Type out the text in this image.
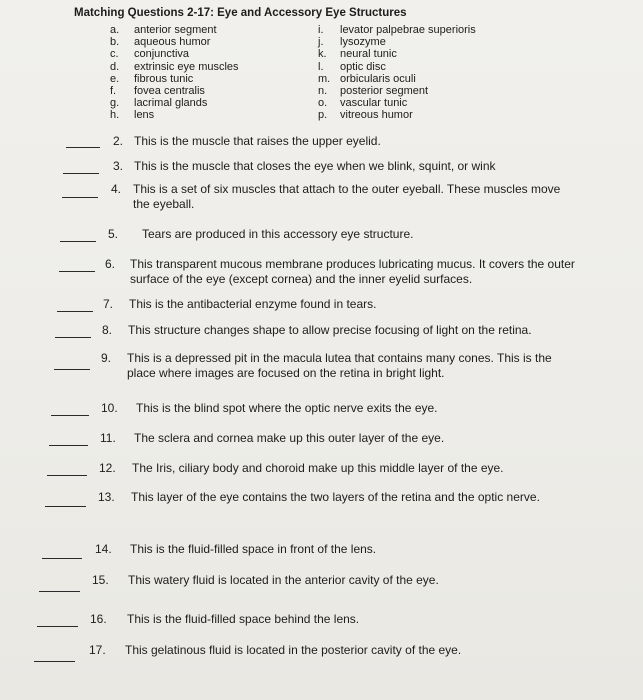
Matching Questions 2-17: Eye and Accessory Eye Structures
a. anterior segment
b. aqueous humor
c. conjunctiva
d. extrinsic eye muscles
e. fibrous tunic
f. fovea centralis
g. lacrimal glands
h. lens
i. levator palpebrae superioris
j. lysozyme
k. neural tunic
l. optic disc
m. orbicularis oculi
n. posterior segment
o. vascular tunic
p. vitreous humor
2. This is the muscle that raises the upper eyelid.
3. This is the muscle that closes the eye when we blink, squint, or wink
4. This is a set of six muscles that attach to the outer eyeball. These muscles move the eyeball.
5. Tears are produced in this accessory eye structure.
6. This transparent mucous membrane produces lubricating mucus. It covers the outer surface of the eye (except cornea) and the inner eyelid surfaces.
7. This is the antibacterial enzyme found in tears.
8. This structure changes shape to allow precise focusing of light on the retina.
9. This is a depressed pit in the macula lutea that contains many cones. This is the place where images are focused on the retina in bright light.
10. This is the blind spot where the optic nerve exits the eye.
11. The sclera and cornea make up this outer layer of the eye.
12. The Iris, ciliary body and choroid make up this middle layer of the eye.
13. This layer of the eye contains the two layers of the retina and the optic nerve.
14. This is the fluid-filled space in front of the lens.
15. This watery fluid is located in the anterior cavity of the eye.
16. This is the fluid-filled space behind the lens.
17. This gelatinous fluid is located in the posterior cavity of the eye.
